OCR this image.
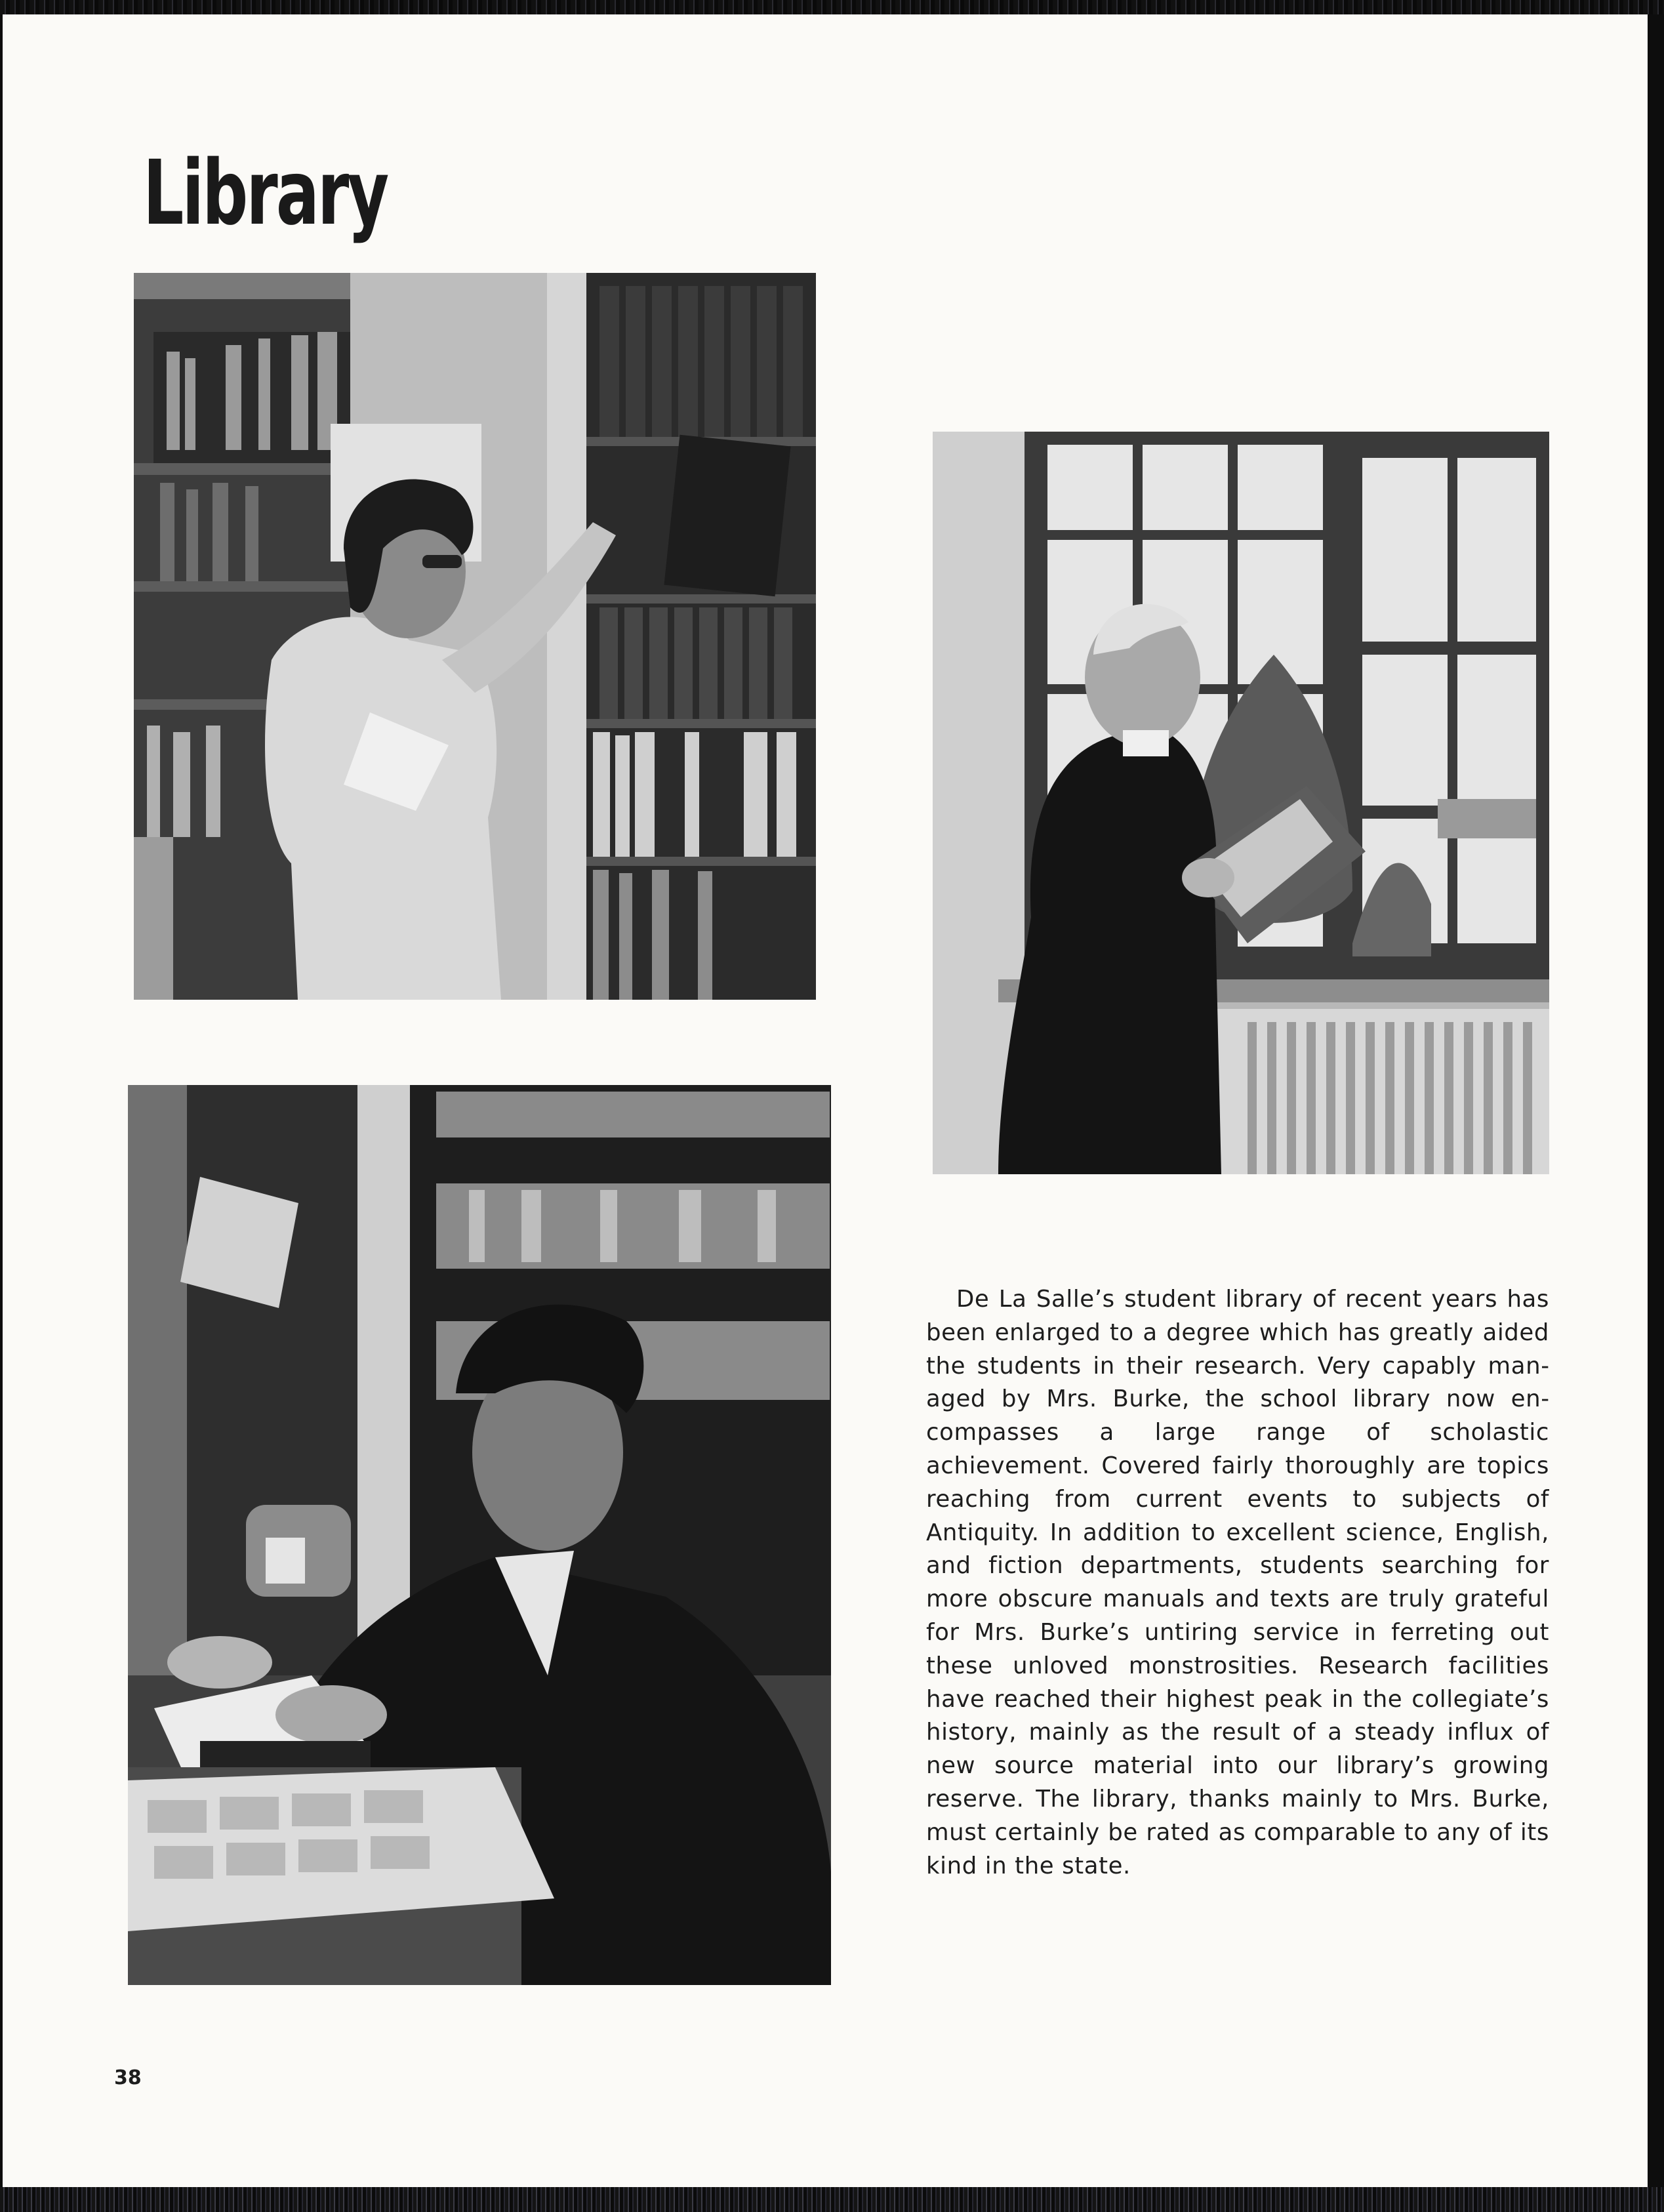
Library

De La Salle’s student library of recent years has been enlarged to a degree which has greatly aided the students in their research. Very capably managed by Mrs. Burke, the school library now encompasses a large range of scholastic achievement. Covered fairly thoroughly are topics reaching from current events to subjects of Antiquity. In addition to excellent science, English, and fiction departments, students searching for more obscure manuals and texts are truly grateful for Mrs. Burke’s untiring service in ferreting out these unloved monstrosities. Research facilities have reached their highest peak in the collegiate’s history, mainly as the result of a steady influx of new source material into our library’s growing reserve. The library, thanks mainly to Mrs. Burke, must certainly be rated as comparable to any of its kind in the state.

38
